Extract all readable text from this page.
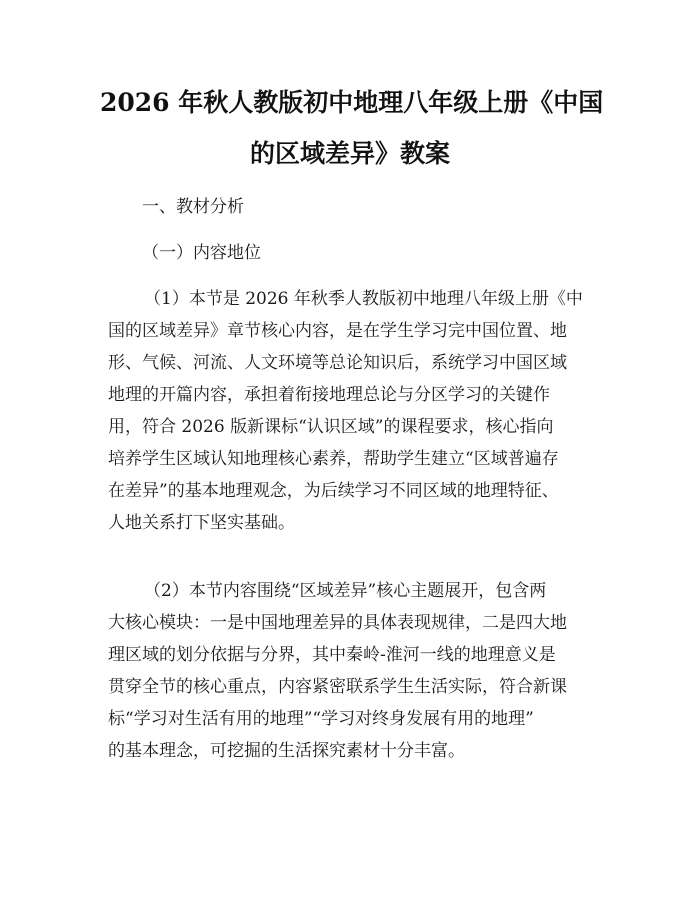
2026 年秋人教版初中地理八年级上册《中国
的区域差异》教案
一、教材分析
（一）内容地位
（1）本节是 2026 年秋季人教版初中地理八年级上册《中
国的区域差异》章节核心内容，是在学生学习完中国位置、地
形、气候、河流、人文环境等总论知识后，系统学习中国区域
地理的开篇内容，承担着衔接地理总论与分区学习的关键作
用，符合 2026 版新课标“认识区域”的课程要求，核心指向
培养学生区域认知地理核心素养，帮助学生建立“区域普遍存
在差异”的基本地理观念，为后续学习不同区域的地理特征、
人地关系打下坚实基础。
（2）本节内容围绕“区域差异”核心主题展开，包含两
大核心模块：一是中国地理差异的具体表现规律，二是四大地
理区域的划分依据与分界，其中秦岭-淮河一线的地理意义是
贯穿全节的核心重点，内容紧密联系学生生活实际，符合新课
标“学习对生活有用的地理”“学习对终身发展有用的地理”
的基本理念，可挖掘的生活探究素材十分丰富。
